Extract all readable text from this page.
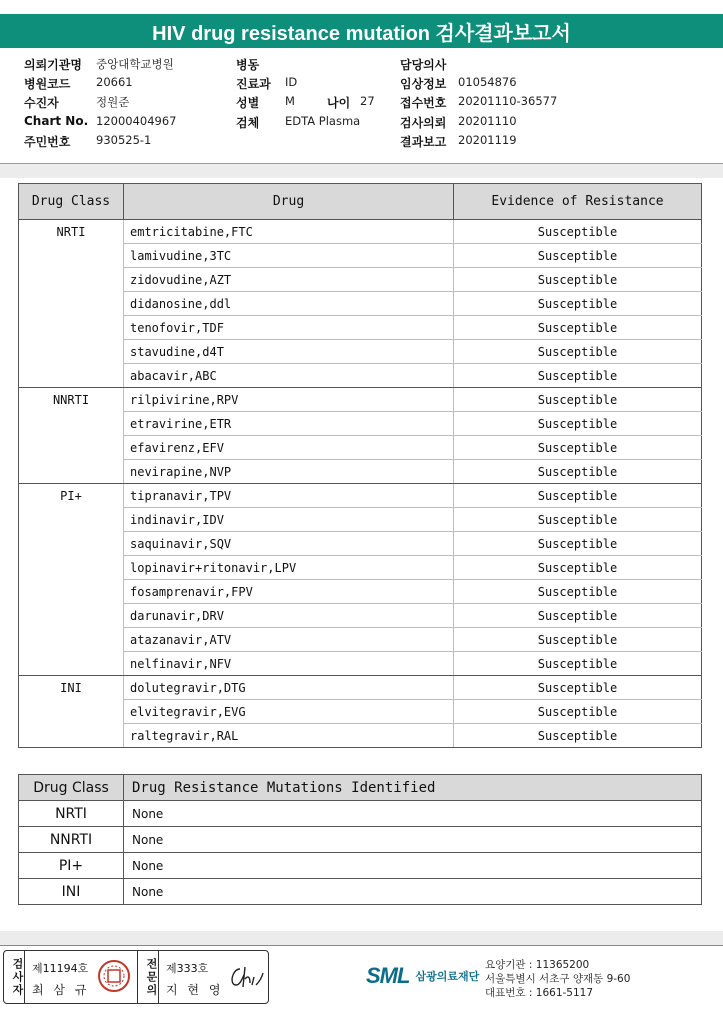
HIV drug resistance mutation 검사결과보고서
의뢰기관명 중앙대학교병원	병동	담당의사
병원코드 20661	진료과 ID	임상정보 01054876
수진자	정원준	성별 M	나이 27 접수번호 20201110-36577
Chart No. 12000404967	검체 EDTA Plasma	검사의뢰 20201110
주민번호 930525-1	결과보고 20201119
Drug Class	Drug	Evidence of Resistance
NRTI	emtricitabine,FTC	Susceptible
	lamivudine,3TC	Susceptible
	zidovudine,AZT	Susceptible
	didanosine,ddl	Susceptible
	tenofovir,TDF	Susceptible
	stavudine,d4T	Susceptible
	abacavir,ABC	Susceptible
NNRTI	rilpivirine,RPV	Susceptible
	etravirine,ETR	Susceptible
	efavirenz,EFV	Susceptible
	nevirapine,NVP	Susceptible
PI+	tipranavir,TPV	Susceptible
	indinavir,IDV	Susceptible
	saquinavir,SQV	Susceptible
	lopinavir+ritonavir,LPV	Susceptible
	fosamprenavir,FPV	Susceptible
	darunavir,DRV	Susceptible
	atazanavir,ATV	Susceptible
	nelfinavir,NFV	Susceptible
INI	dolutegravir,DTG	Susceptible
	elvitegravir,EVG	Susceptible
	raltegravir,RAL	Susceptible
Drug Class	Drug Resistance Mutations Identified
NRTI	None
NNRTI	None
PI+	None
INI	None
검사자 제11194호
최 삼 규	전문의 제333호
지 현 영
SML 삼광의료재단
요양기관 : 11365200
서울특별시 서초구 양재동 9-60
대표번호 : 1661-5117
